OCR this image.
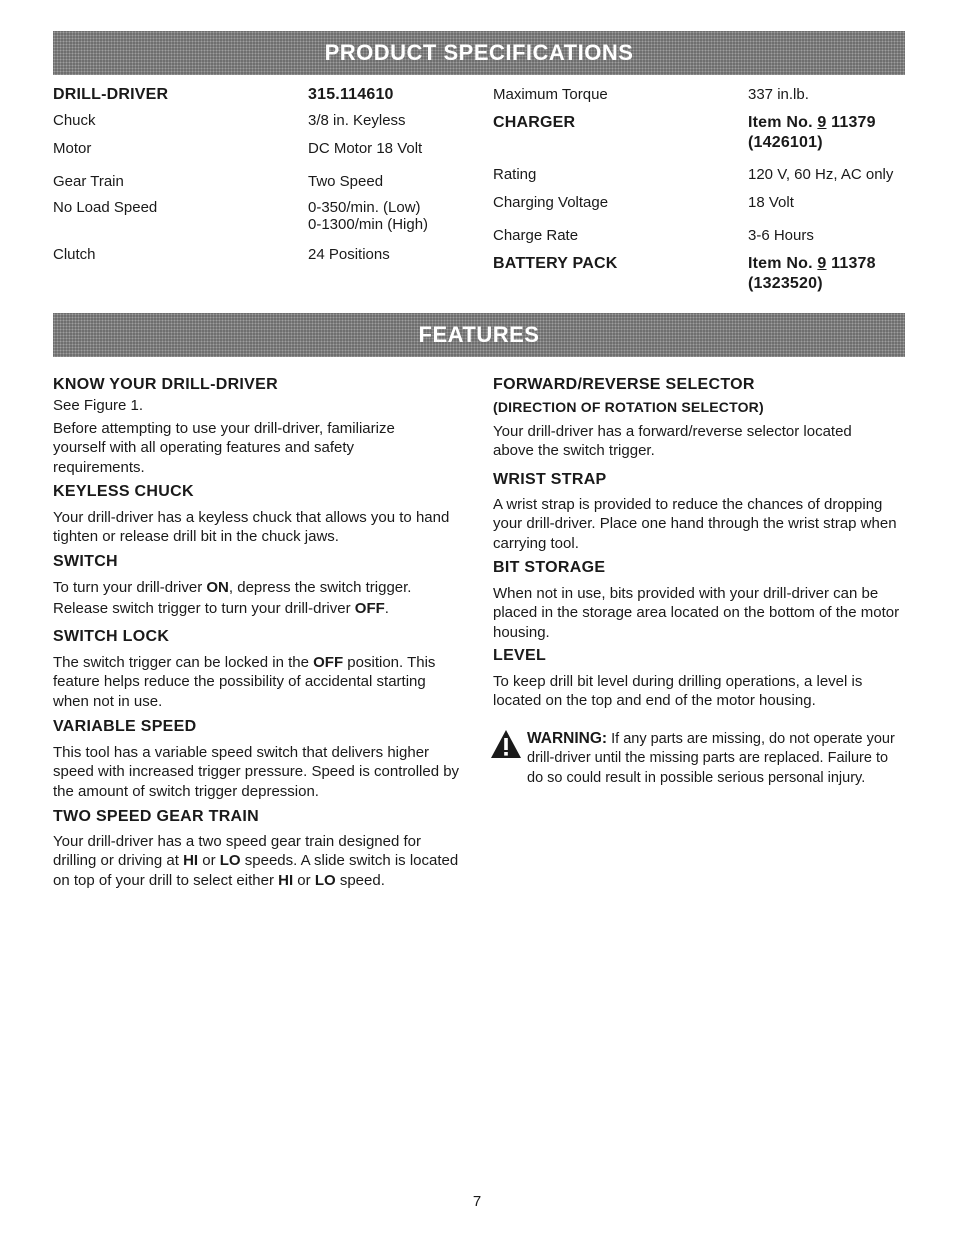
PRODUCT SPECIFICATIONS
DRILL-DRIVER	315.114610
Chuck	3/8 in. Keyless
Motor	DC Motor 18 Volt
Gear Train	Two Speed
No Load Speed	0-350/min. (Low)
0-1300/min (High)
Clutch	24 Positions
Maximum Torque	337 in.lb.
CHARGER	Item No. 9 11379
(1426101)
Rating	120 V, 60 Hz, AC only
Charging Voltage	18 Volt
Charge Rate	3-6 Hours
BATTERY PACK	Item No. 9 11378
(1323520)
FEATURES
KNOW YOUR DRILL-DRIVER
See Figure 1.
Before attempting to use your drill-driver, familiarize yourself with all operating features and safety requirements.
KEYLESS CHUCK
Your drill-driver has a keyless chuck that allows you to hand tighten or release drill bit in the chuck jaws.
SWITCH
To turn your drill-driver ON, depress the switch trigger.
Release switch trigger to turn your drill-driver OFF.
SWITCH LOCK
The switch trigger can be locked in the OFF position. This feature helps reduce the possibility of accidental starting when not in use.
VARIABLE SPEED
This tool has a variable speed switch that delivers higher speed with increased trigger pressure. Speed is controlled by the amount of switch trigger depression.
TWO SPEED GEAR TRAIN
Your drill-driver has a two speed gear train designed for drilling or driving at HI or LO speeds. A slide switch is located on top of your drill to select either HI or LO speed.
FORWARD/REVERSE SELECTOR
(DIRECTION OF ROTATION SELECTOR)
Your drill-driver has a forward/reverse selector located above the switch trigger.
WRIST STRAP
A wrist strap is provided to reduce the chances of dropping your drill-driver. Place one hand through the wrist strap when carrying tool.
BIT STORAGE
When not in use, bits provided with your drill-driver can be placed in the storage area located on the bottom of the motor housing.
LEVEL
To keep drill bit level during drilling operations, a level is located on the top and end of the motor housing.
WARNING: If any parts are missing, do not operate your drill-driver until the missing parts are replaced. Failure to do so could result in possible serious personal injury.
7
